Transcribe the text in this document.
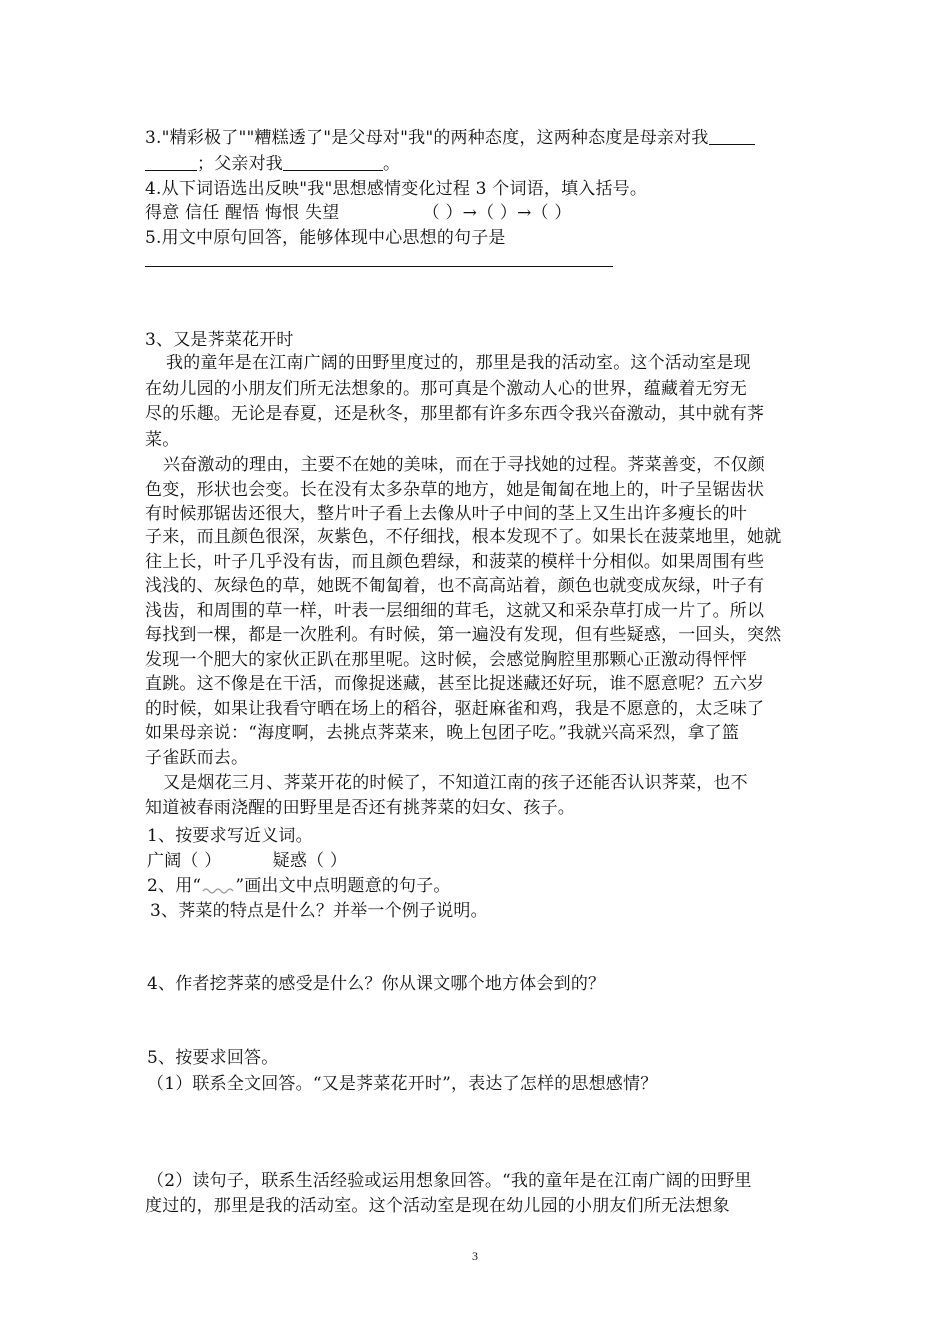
3."精彩极了""糟糕透了"是父母对"我"的两种态度，这两种态度是母亲对我
；父亲对我	。
4.从下词语选出反映"我"思想感情变化过程 3 个词语，填入括号。
得意 信任 醒悟 悔恨 失望	（ ）→（ ）→（ ）
5.用文中原句回答，能够体现中心思想的句子是
3、又是荠菜花开时
我的童年是在江南广阔的田野里度过的，那里是我的活动室。这个活动室是现
在幼儿园的小朋友们所无法想象的。那可真是个激动人心的世界，蕴藏着无穷无
尽的乐趣。无论是春夏，还是秋冬，那里都有许多东西令我兴奋激动，其中就有荠
菜。
兴奋激动的理由，主要不在她的美味，而在于寻找她的过程。荠菜善变，不仅颜
色变，形状也会变。长在没有太多杂草的地方，她是匍匐在地上的，叶子呈锯齿状
有时候那锯齿还很大，整片叶子看上去像从叶子中间的茎上又生出许多瘦长的叶
子来，而且颜色很深，灰紫色，不仔细找，根本发现不了。如果长在菠菜地里，她就
往上长，叶子几乎没有齿，而且颜色碧绿，和菠菜的模样十分相似。如果周围有些
浅浅的、灰绿色的草，她既不匍匐着，也不高高站着，颜色也就变成灰绿，叶子有
浅齿，和周围的草一样，叶表一层细细的茸毛，这就又和采杂草打成一片了。所以
每找到一棵，都是一次胜利。有时候，第一遍没有发现，但有些疑惑，一回头，突然
发现一个肥大的家伙正趴在那里呢。这时候，会感觉胸腔里那颗心正激动得怦怦
直跳。这不像是在干活，而像捉迷藏，甚至比捉迷藏还好玩，谁不愿意呢？五六岁
的时候，如果让我看守晒在场上的稻谷，驱赶麻雀和鸡，我是不愿意的，太乏味了
如果母亲说：“海度啊，去挑点荠菜来，晚上包团子吃。”我就兴高采烈，拿了篮
子雀跃而去。
又是烟花三月、荠菜开花的时候了，不知道江南的孩子还能否认识荠菜，也不
知道被春雨浇醒的田野里是否还有挑荠菜的妇女、孩子。
1、按要求写近义词。
广阔（ ）	疑惑（ ）
2、用“ ”画出文中点明题意的句子。
3、荠菜的特点是什么？并举一个例子说明。
4、作者挖荠菜的感受是什么？你从课文哪个地方体会到的？
5、按要求回答。
（1）联系全文回答。“又是荠菜花开时”，表达了怎样的思想感情？
（2）读句子，联系生活经验或运用想象回答。“我的童年是在江南广阔的田野里
度过的，那里是我的活动室。这个活动室是现在幼儿园的小朋友们所无法想象
3
